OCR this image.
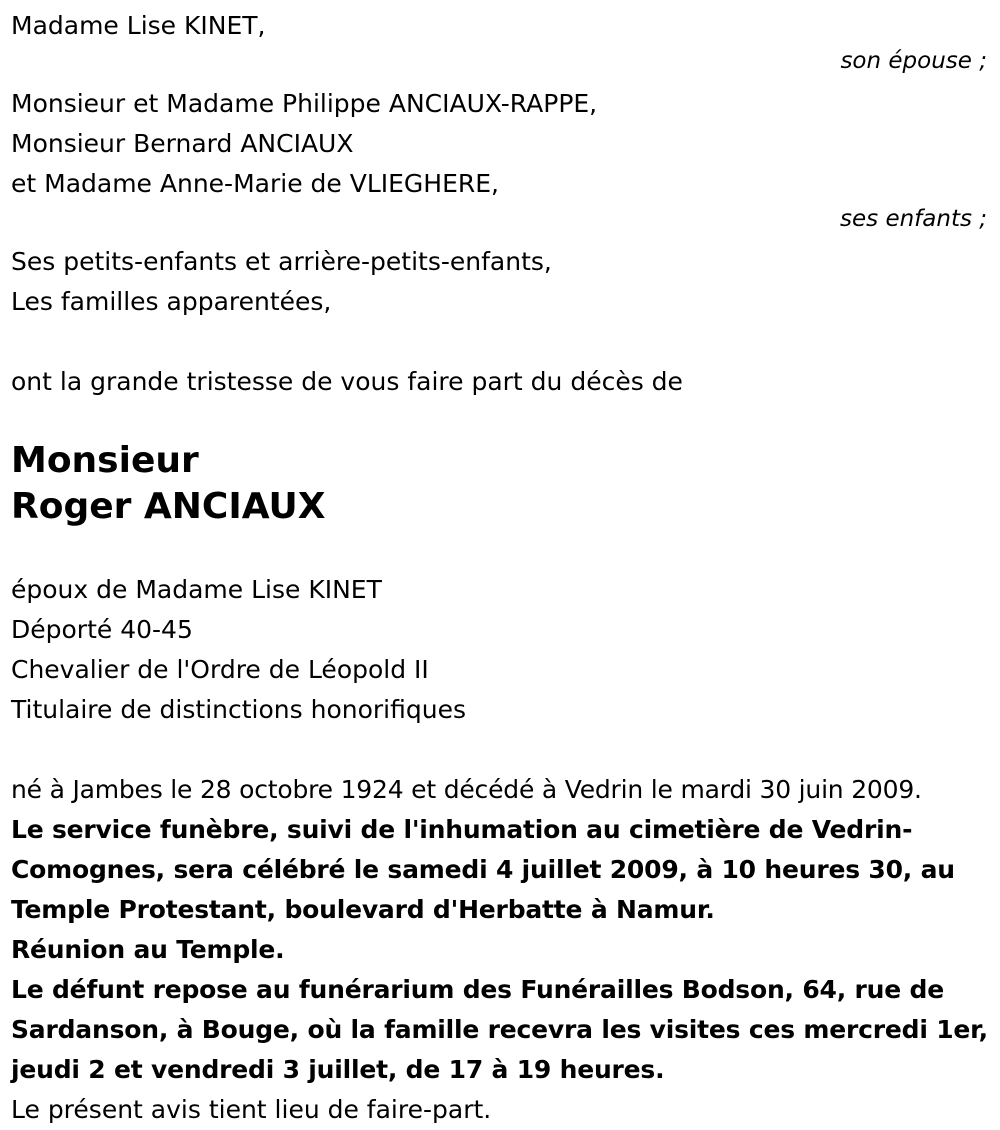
Madame Lise KINET,
son épouse ;
Monsieur et Madame Philippe ANCIAUX-RAPPE,
Monsieur Bernard ANCIAUX
et Madame Anne-Marie de VLIEGHERE,
ses enfants ;
Ses petits-enfants et arrière-petits-enfants,
Les familles apparentées,
ont la grande tristesse de vous faire part du décès de
Monsieur
Roger ANCIAUX
époux de Madame Lise KINET
Déporté 40-45
Chevalier de l'Ordre de Léopold II
Titulaire de distinctions honorifiques
né à Jambes le 28 octobre 1924 et décédé à Vedrin le mardi 30 juin 2009.
Le service funèbre, suivi de l'inhumation au cimetière de Vedrin-
Comognes, sera célébré le samedi 4 juillet 2009, à 10 heures 30, au
Temple Protestant, boulevard d'Herbatte à Namur.
Réunion au Temple.
Le défunt repose au funérarium des Funérailles Bodson, 64, rue de
Sardanson, à Bouge, où la famille recevra les visites ces mercredi 1er,
jeudi 2 et vendredi 3 juillet, de 17 à 19 heures.
Le présent avis tient lieu de faire-part.
